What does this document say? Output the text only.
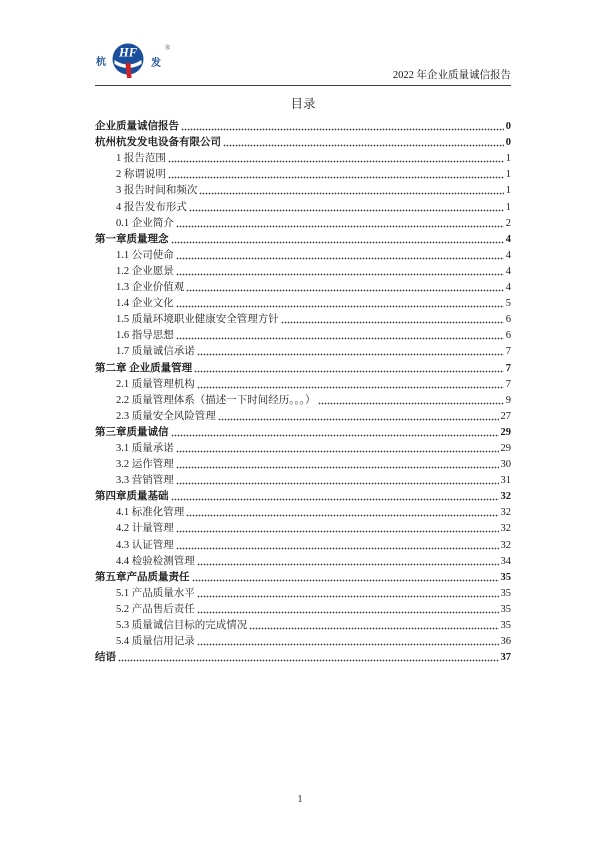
杭
HF
发
®
2022 年企业质量诚信报告
目录
企业质量诚信报告	0
杭州杭发发电设备有限公司	0
1 报告范围	1
2 称谓说明	1
3 报告时间和频次	1
4 报告发布形式	1
0.1 企业简介	2
第一章质量理念	4
1.1 公司使命	4
1.2 企业愿景	4
1.3 企业价值观	4
1.4 企业文化	5
1.5 质量环境职业健康安全管理方针	6
1.6 指导思想	6
1.7 质量诚信承诺	7
第二章 企业质量管理	7
2.1 质量管理机构	7
2.2 质量管理体系（描述一下时间经历。。。）	9
2.3 质量安全风险管理	27
第三章质量诚信	29
3.1 质量承诺	29
3.2 运作管理	30
3.3 营销管理	31
第四章质量基础	32
4.1 标准化管理	32
4.2 计量管理	32
4.3 认证管理	32
4.4 检验检测管理	34
第五章产品质量责任	35
5.1 产品质量水平	35
5.2 产品售后责任	35
5.3 质量诚信目标的完成情况	35
5.4 质量信用记录	36
结语	37
1
